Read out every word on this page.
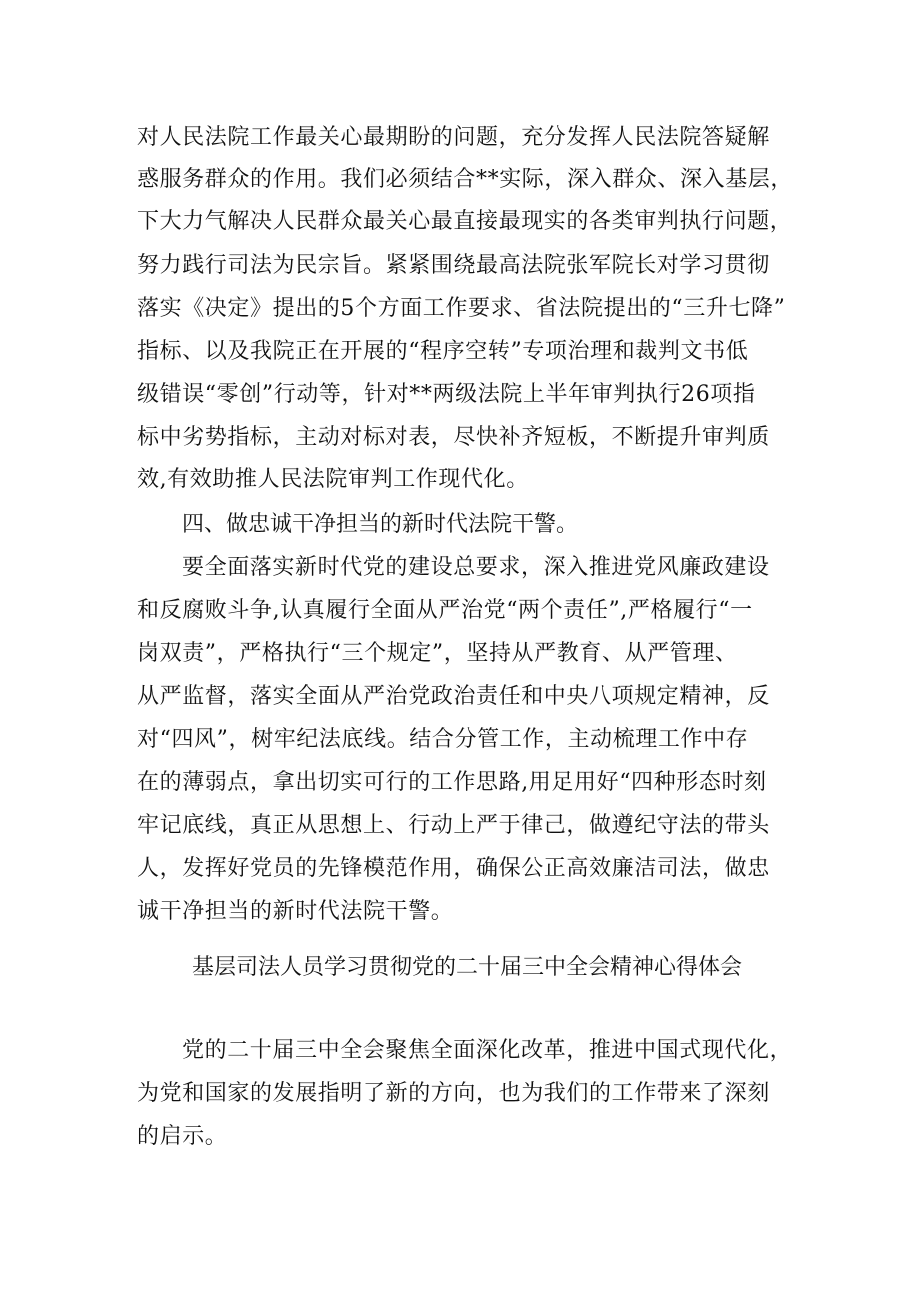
对人民法院工作最关心最期盼的问题，充分发挥人民法院答疑解
惑服务群众的作用。我们必须结合**实际，深入群众、深入基层，
下大力气解决人民群众最关心最直接最现实的各类审判执行问题，
努力践行司法为民宗旨。紧紧围绕最高法院张军院长对学习贯彻
落实《决定》提出的5个方面工作要求、省法院提出的“三升七降”
指标、以及我院正在开展的“程序空转”专项治理和裁判文书低
级错误“零创”行动等，针对**两级法院上半年审判执行26项指
标中劣势指标，主动对标对表，尽快补齐短板，不断提升审判质
效,有效助推人民法院审判工作现代化。
四、做忠诚干净担当的新时代法院干警。
要全面落实新时代党的建设总要求，深入推进党风廉政建设
和反腐败斗争,认真履行全面从严治党“两个责任”,严格履行“一
岗双责”，严格执行“三个规定”，坚持从严教育、从严管理、
从严监督，落实全面从严治党政治责任和中央八项规定精神，反
对“四风”，树牢纪法底线。结合分管工作，主动梳理工作中存
在的薄弱点，拿出切实可行的工作思路,用足用好“四种形态时刻
牢记底线，真正从思想上、行动上严于律己，做遵纪守法的带头
人，发挥好党员的先锋模范作用，确保公正高效廉洁司法，做忠
诚干净担当的新时代法院干警。
基层司法人员学习贯彻党的二十届三中全会精神心得体会
党的二十届三中全会聚焦全面深化改革，推进中国式现代化，
为党和国家的发展指明了新的方向，也为我们的工作带来了深刻
的启示。
